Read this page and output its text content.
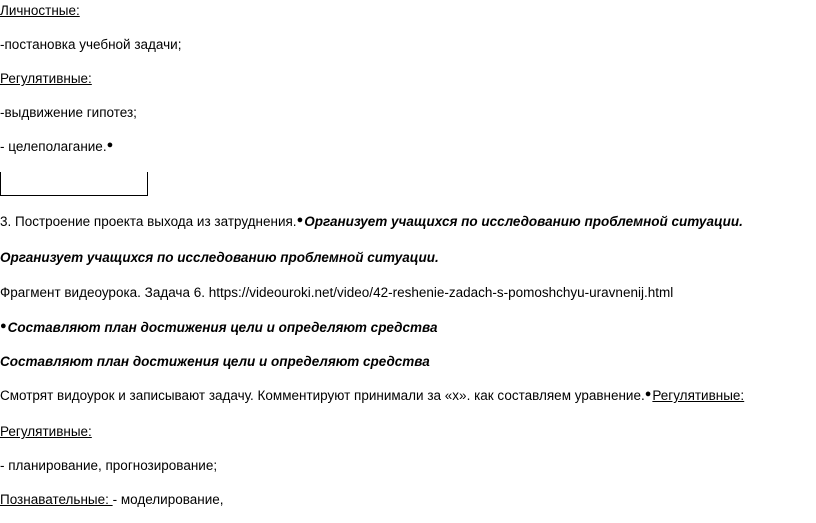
Личностные:
-постановка учебной задачи;
Регулятивные:
-выдвижение гипотез;
- целеполагание.●
3. Построение проекта выхода из затруднения.●Организует учащихся по исследованию проблемной ситуации.
Организует учащихся по исследованию проблемной ситуации.
Фрагмент видеоурока. Задача 6. https://videouroki.net/video/42-reshenie-zadach-s-pomoshchyu-uravnenij.html
●Составляют план достижения цели и определяют средства
Составляют план достижения цели и определяют средства
Смотрят видоурок и записывают задачу. Комментируют принимали за «х». как составляем уравнение.●Регулятивные:
Регулятивные:
- планирование, прогнозирование;
Познавательные: - моделирование,
